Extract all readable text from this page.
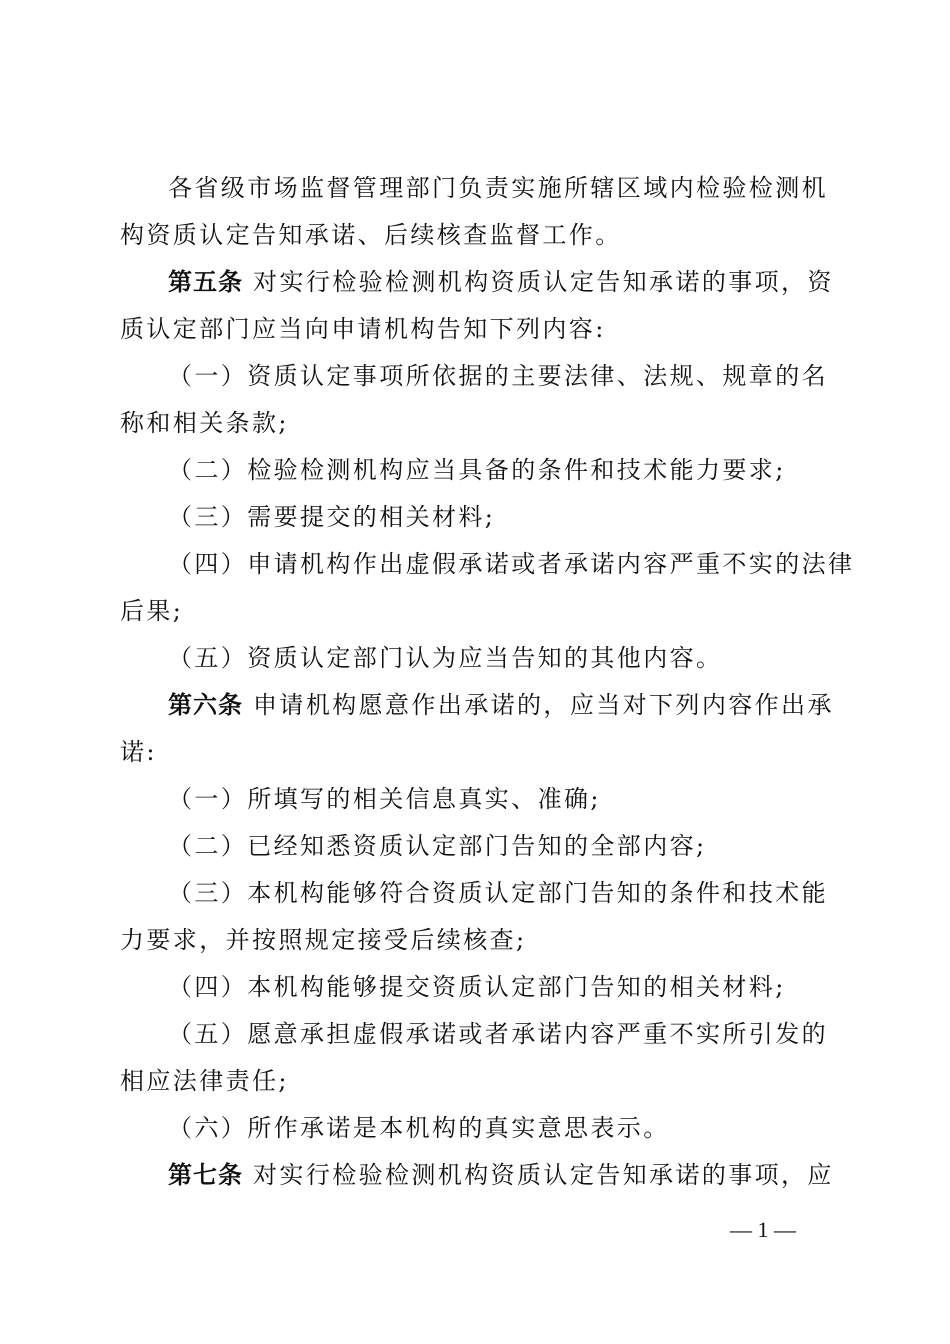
各省级市场监督管理部门负责实施所辖区域内检验检测机
构资质认定告知承诺、后续核查监督工作。
第五条 对实行检验检测机构资质认定告知承诺的事项，资
质认定部门应当向申请机构告知下列内容:
（一）资质认定事项所依据的主要法律、法规、规章的名
称和相关条款;
（二）检验检测机构应当具备的条件和技术能力要求;
（三）需要提交的相关材料;
（四）申请机构作出虚假承诺或者承诺内容严重不实的法律
后果;
（五）资质认定部门认为应当告知的其他内容。
第六条 申请机构愿意作出承诺的，应当对下列内容作出承
诺:
（一）所填写的相关信息真实、准确;
（二）已经知悉资质认定部门告知的全部内容;
（三）本机构能够符合资质认定部门告知的条件和技术能
力要求，并按照规定接受后续核查;
（四）本机构能够提交资质认定部门告知的相关材料;
（五）愿意承担虚假承诺或者承诺内容严重不实所引发的
相应法律责任;
（六）所作承诺是本机构的真实意思表示。
第七条 对实行检验检测机构资质认定告知承诺的事项，应
— 1 —
